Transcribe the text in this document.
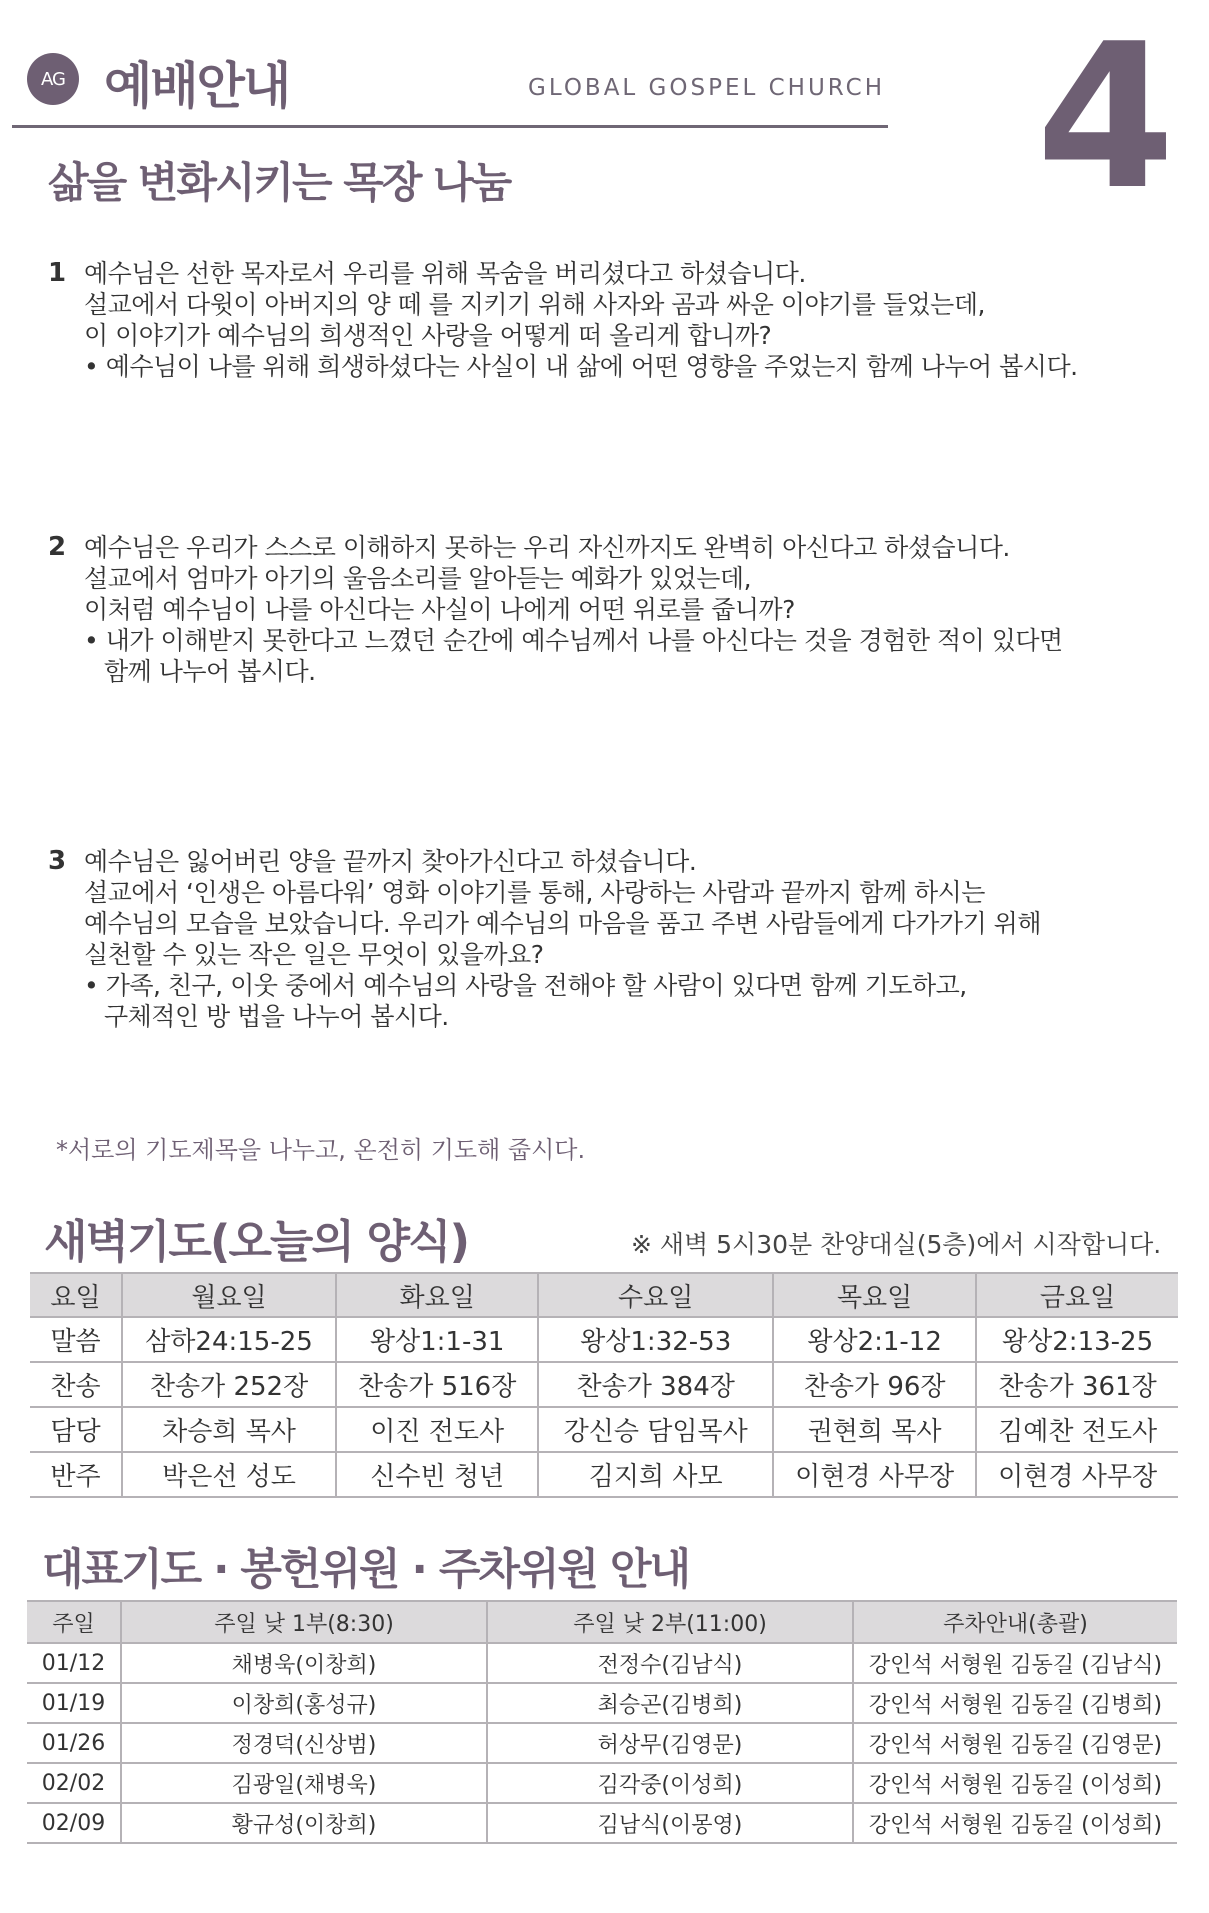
AG 예배안내	GLOBAL GOSPEL CHURCH 4
삶을 변화시키는 목장 나눔
1 예수님은 선한 목자로서 우리를 위해 목숨을 버리셨다고 하셨습니다.
설교에서 다윗이 아버지의 양 떼 를 지키기 위해 사자와 곰과 싸운 이야기를 들었는데,
이 이야기가 예수님의 희생적인 사랑을 어떻게 떠 올리게 합니까?
• 예수님이 나를 위해 희생하셨다는 사실이 내 삶에 어떤 영향을 주었는지 함께 나누어 봅시다.
2 예수님은 우리가 스스로 이해하지 못하는 우리 자신까지도 완벽히 아신다고 하셨습니다.
설교에서 엄마가 아기의 울음소리를 알아듣는 예화가 있었는데,
이처럼 예수님이 나를 아신다는 사실이 나에게 어떤 위로를 줍니까?
• 내가 이해받지 못한다고 느꼈던 순간에 예수님께서 나를 아신다는 것을 경험한 적이 있다면
함께 나누어 봅시다.
3 예수님은 잃어버린 양을 끝까지 찾아가신다고 하셨습니다.
설교에서 ‘인생은 아름다워’ 영화 이야기를 통해, 사랑하는 사람과 끝까지 함께 하시는
예수님의 모습을 보았습니다. 우리가 예수님의 마음을 품고 주변 사람들에게 다가가기 위해
실천할 수 있는 작은 일은 무엇이 있을까요?
• 가족, 친구, 이웃 중에서 예수님의 사랑을 전해야 할 사람이 있다면 함께 기도하고,
구체적인 방 법을 나누어 봅시다.
*서로의 기도제목을 나누고, 온전히 기도해 줍시다.
새벽기도(오늘의 양식)	※ 새벽 5시30분 찬양대실(5층)에서 시작합니다.
요일	월요일	화요일	수요일	목요일	금요일
말씀	삼하24:15-25	왕상1:1-31	왕상1:32-53	왕상2:1-12	왕상2:13-25
찬송	찬송가 252장	찬송가 516장	찬송가 384장	찬송가 96장	찬송가 361장
담당	차승희 목사	이진 전도사	강신승 담임목사	권현희 목사	김예찬 전도사
반주	박은선 성도	신수빈 청년	김지희 사모	이현경 사무장	이현경 사무장
대표기도 · 봉헌위원 · 주차위원 안내
주일	주일 낮 1부(8:30)	주일 낮 2부(11:00)	주차안내(총괄)
01/12	채병욱(이창희)	전정수(김남식)	강인석 서형원 김동길 (김남식)
01/19	이창희(홍성규)	최승곤(김병희)	강인석 서형원 김동길 (김병희)
01/26	정경덕(신상범)	허상무(김영문)	강인석 서형원 김동길 (김영문)
02/02	김광일(채병욱)	김각중(이성희)	강인석 서형원 김동길 (이성희)
02/09	황규성(이창희)	김남식(이몽영)	강인석 서형원 김동길 (이성희)
